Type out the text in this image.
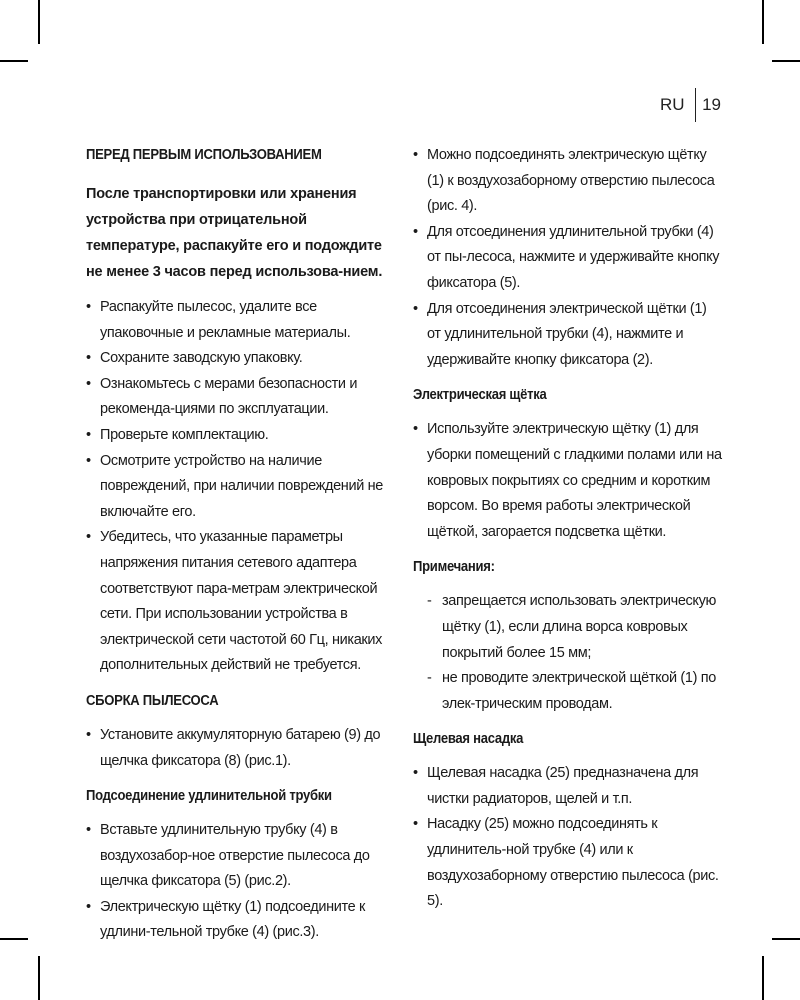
RU 19

ПЕРЕД ПЕРВЫМ ИСПОЛЬЗОВАНИЕМ

После транспортировки или хранения устройства при отрицательной температуре, распакуйте его и подождите не менее 3 часов перед использова-нием.

• Распакуйте пылесос, удалите все упаковочные и рекламные материалы.
• Сохраните заводскую упаковку.
• Ознакомьтесь с мерами безопасности и рекоменда-циями по эксплуатации.
• Проверьте комплектацию.
• Осмотрите устройство на наличие повреждений, при наличии повреждений не включайте его.
• Убедитесь, что указанные параметры напряжения питания сетевого адаптера соответствуют пара-метрам электрической сети. При использовании устройства в электрической сети частотой 60 Гц, никаких дополнительных действий не требуется.

СБОРКА ПЫЛЕСОСА

• Установите аккумуляторную батарею (9) до щелчка фиксатора (8) (рис.1).

Подсоединение удлинительной трубки

• Вставьте удлинительную трубку (4) в воздухозабор-ное отверстие пылесоса до щелчка фиксатора (5) (рис.2).
• Электрическую щётку (1) подсоедините к удлини-тельной трубке (4) (рис.3).
• Можно подсоединять электрическую щётку (1) к воздухозаборному отверстию пылесоса (рис. 4).
• Для отсоединения удлинительной трубки (4) от пы-лесоса, нажмите и удерживайте кнопку фиксатора (5).
• Для отсоединения электрической щётки (1) от удлинительной трубки (4), нажмите и удерживайте кнопку фиксатора (2).

Электрическая щётка

• Используйте электрическую щётку (1) для уборки помещений с гладкими полами или на ковровых покрытиях со средним и коротким ворсом. Во время работы электрической щёткой, загорается подсветка щётки.

Примечания:

- запрещается использовать электрическую щётку (1), если длина ворса ковровых покрытий более 15 мм;
- не проводите электрической щёткой (1) по элек-трическим проводам.

Щелевая насадка

• Щелевая насадка (25) предназначена для чистки радиаторов, щелей и т.п.
• Насадку (25) можно подсоединять к удлинитель-ной трубке (4) или к воздухозаборному отверстию пылесоса (рис. 5).
